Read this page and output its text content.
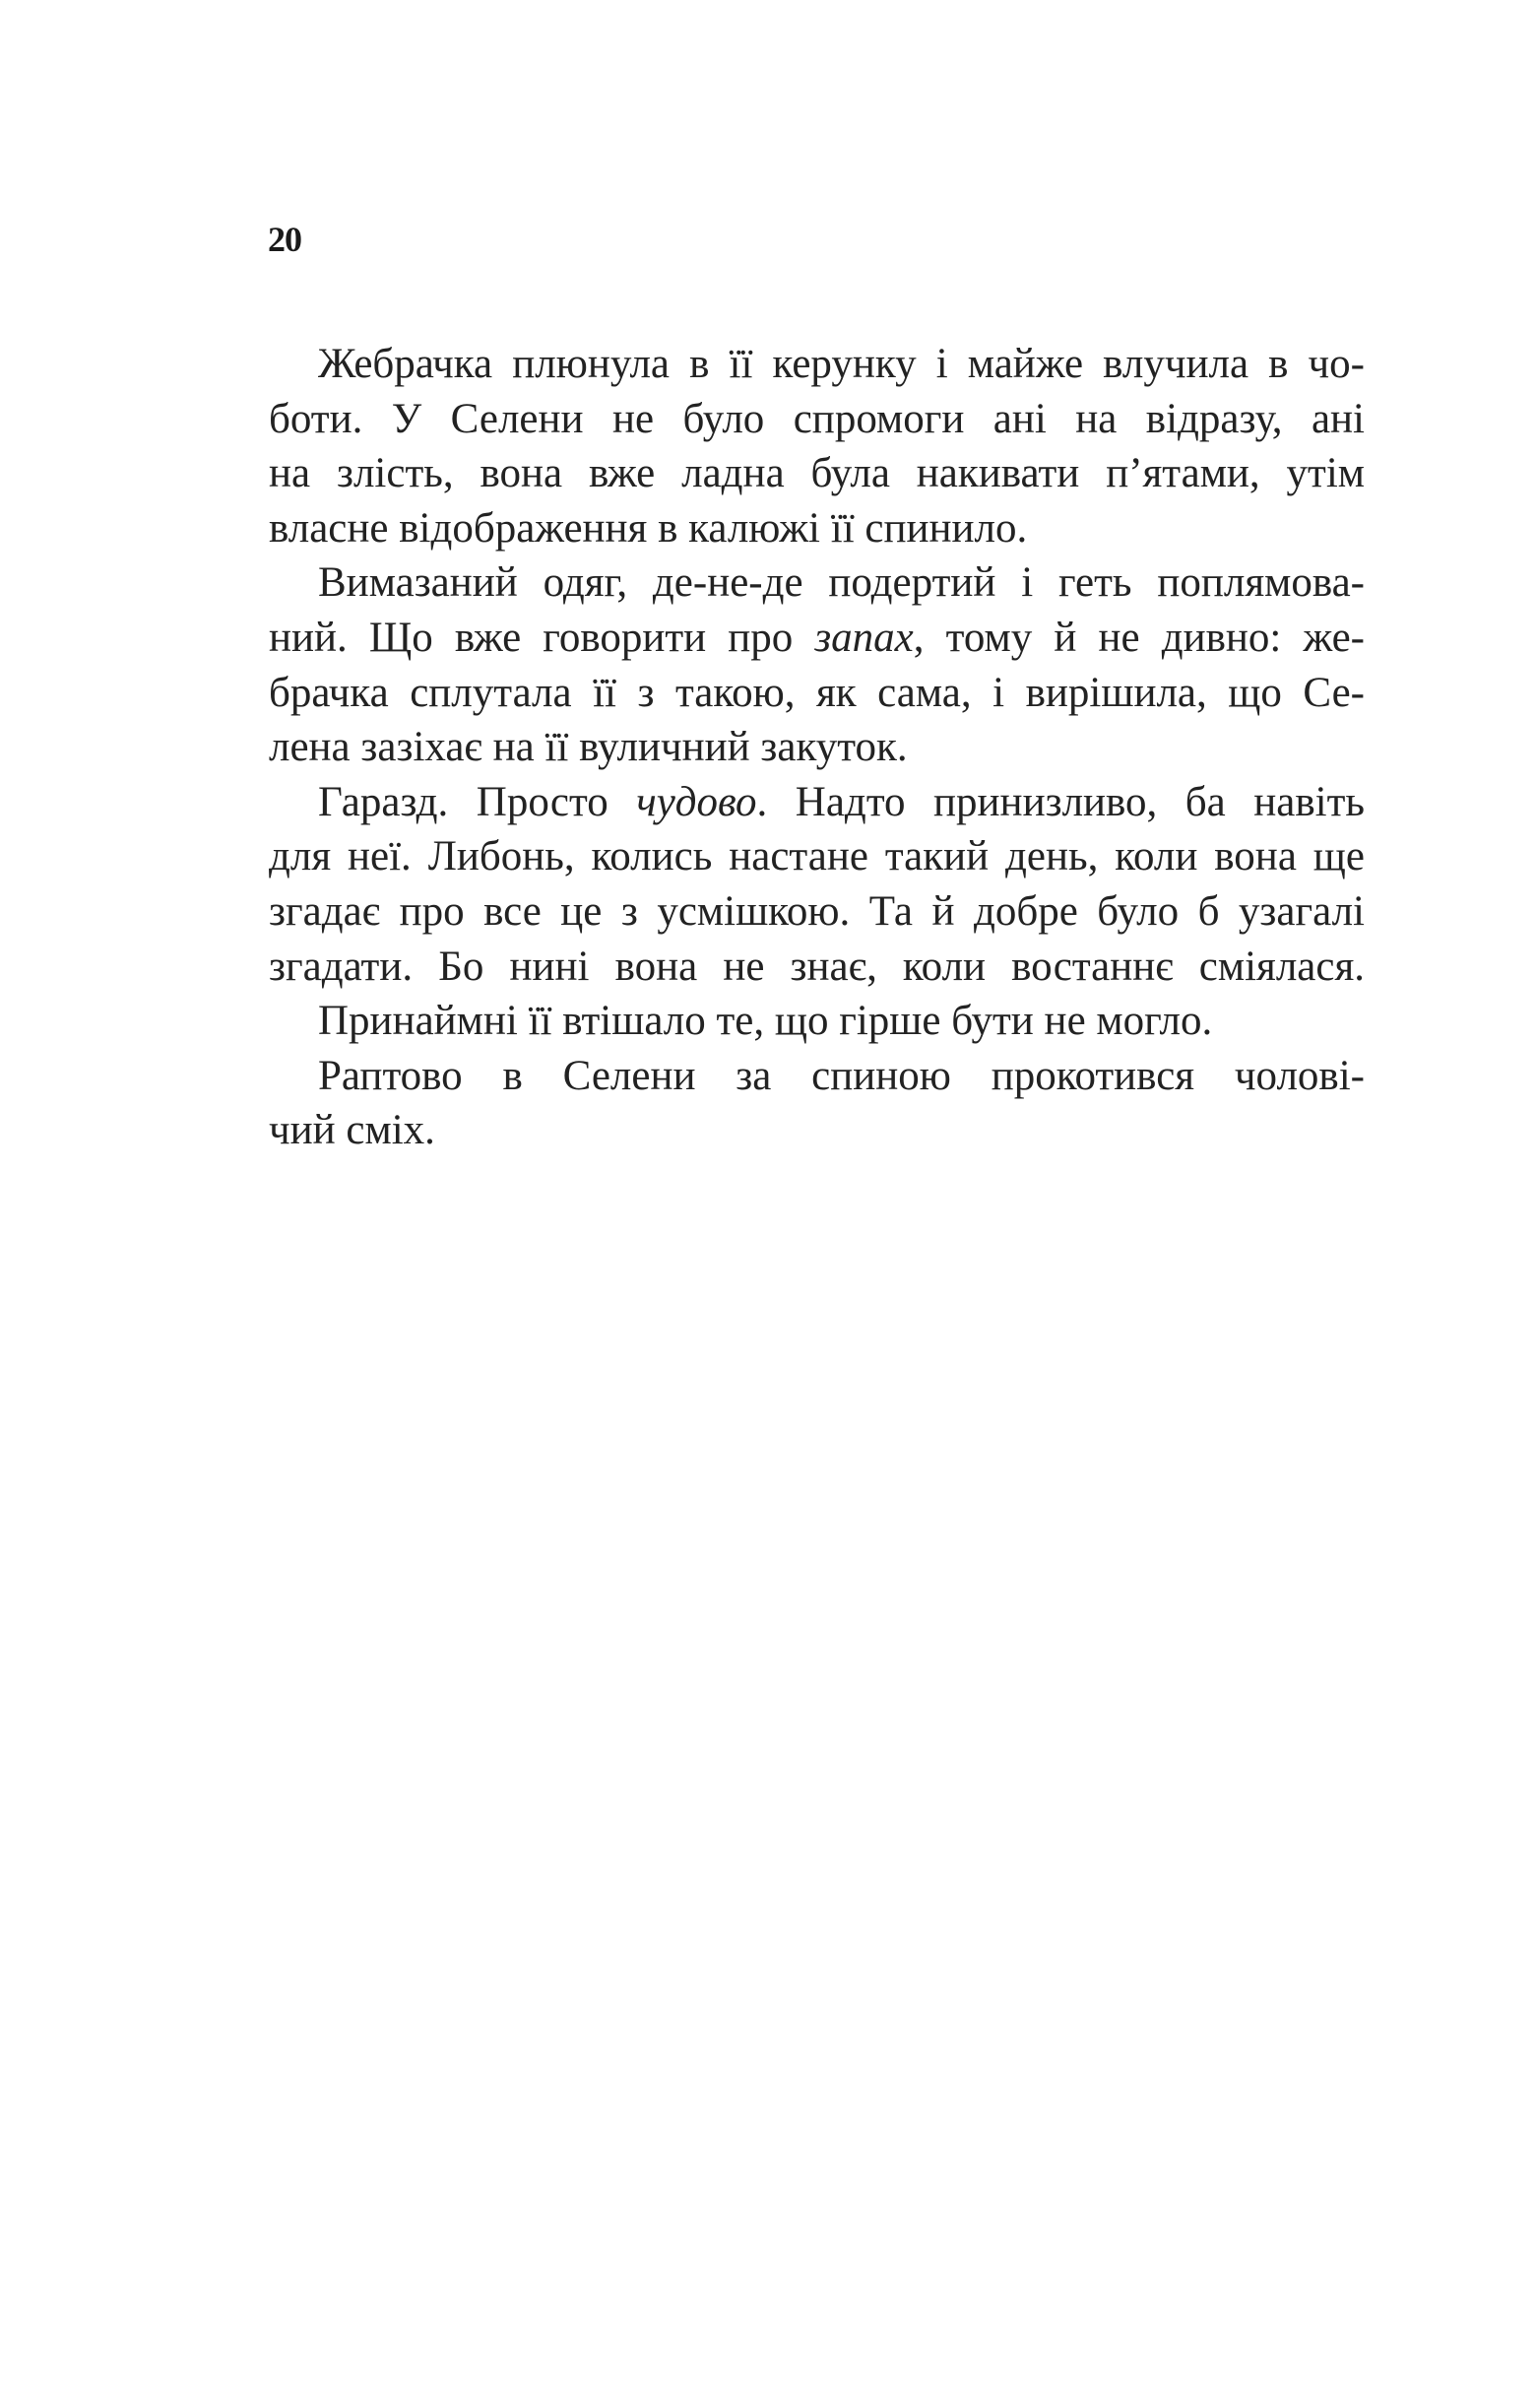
20
Жебрачка плюнула в її керунку і майже влучила в чо-
боти. У Селени не було спромоги ані на відразу, ані
на злість, вона вже ладна була накивати п’ятами, утім
власне відображення в калюжі її спинило.
Вимазаний одяг, де-не-де подертий і геть поплямова-
ний. Що вже говорити про запах, тому й не дивно: же-
брачка сплутала її з такою, як сама, і вирішила, що Се-
лена зазіхає на її вуличний закуток.
Гаразд. Просто чудово. Надто принизливо, ба навіть
для неї. Либонь, колись настане такий день, коли вона ще
згадає про все це з усмішкою. Та й добре було б узагалі
згадати. Бо нині вона не знає, коли востаннє сміялася.
Принаймні її втішало те, що гірше бути не могло.
Раптово в Селени за спиною прокотився чолові-
чий сміх.
